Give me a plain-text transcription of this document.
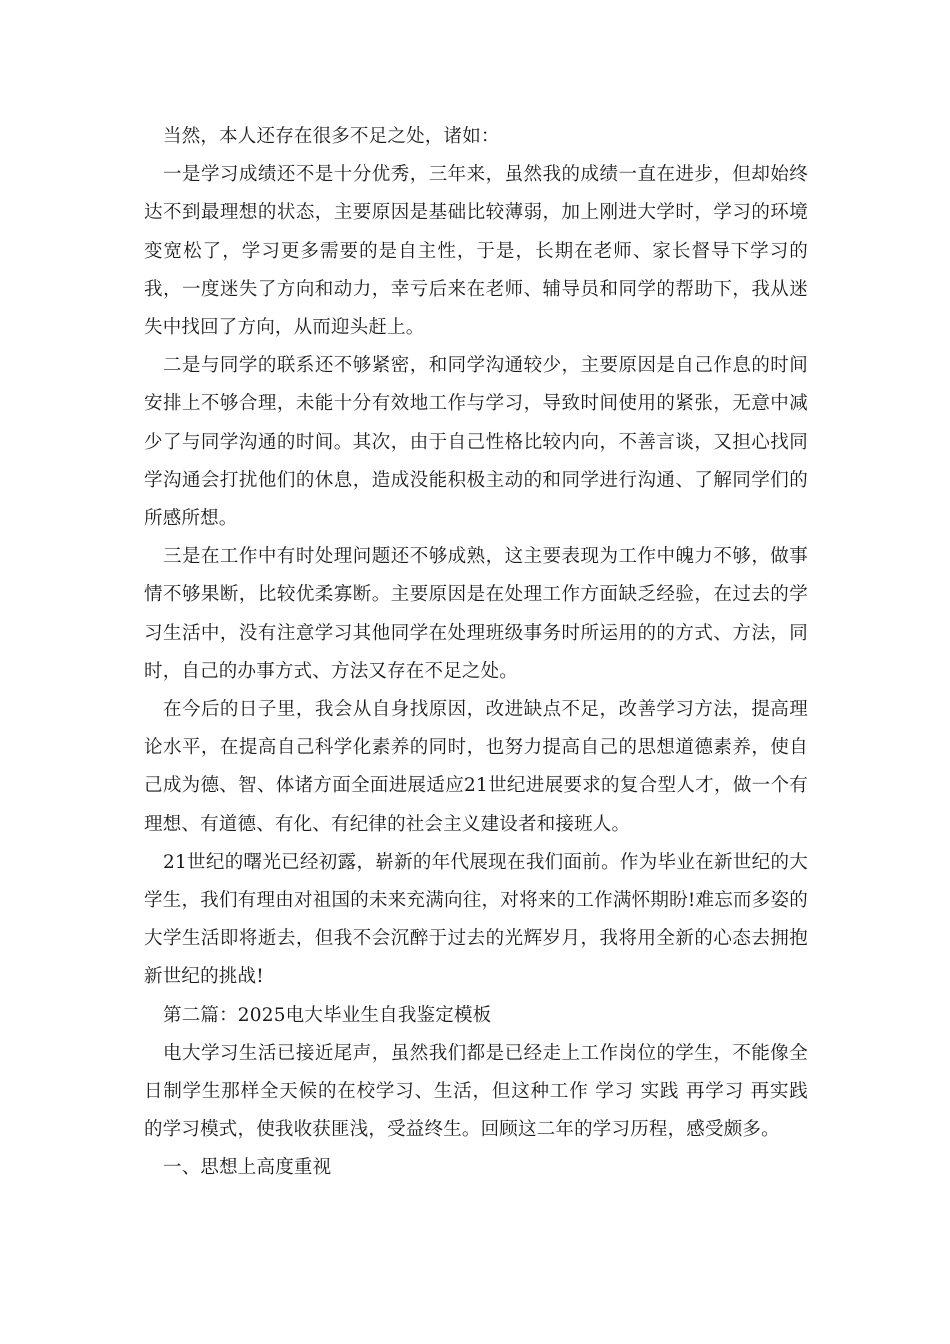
当然，本人还存在很多不足之处，诸如：

一是学习成绩还不是十分优秀，三年来，虽然我的成绩一直在进步，但却始终达不到最理想的状态，主要原因是基础比较薄弱，加上刚进大学时，学习的环境变宽松了，学习更多需要的是自主性，于是，长期在老师、家长督导下学习的我，一度迷失了方向和动力，幸亏后来在老师、辅导员和同学的帮助下，我从迷失中找回了方向，从而迎头赶上。

二是与同学的联系还不够紧密，和同学沟通较少，主要原因是自己作息的时间安排上不够合理，未能十分有效地工作与学习，导致时间使用的紧张，无意中减少了与同学沟通的时间。其次，由于自己性格比较内向，不善言谈，又担心找同学沟通会打扰他们的休息，造成没能积极主动的和同学进行沟通、了解同学们的所感所想。

三是在工作中有时处理问题还不够成熟，这主要表现为工作中魄力不够，做事情不够果断，比较优柔寡断。主要原因是在处理工作方面缺乏经验，在过去的学习生活中，没有注意学习其他同学在处理班级事务时所运用的的方式、方法，同时，自己的办事方式、方法又存在不足之处。

在今后的日子里，我会从自身找原因，改进缺点不足，改善学习方法，提高理论水平，在提高自己科学化素养的同时，也努力提高自己的思想道德素养，使自己成为德、智、体诸方面全面进展适应21世纪进展要求的复合型人才，做一个有理想、有道德、有化、有纪律的社会主义建设者和接班人。

21世纪的曙光已经初露，崭新的年代展现在我们面前。作为毕业在新世纪的大学生，我们有理由对祖国的未来充满向往，对将来的工作满怀期盼!难忘而多姿的大学生活即将逝去，但我不会沉醉于过去的光辉岁月，我将用全新的心态去拥抱新世纪的挑战!

第二篇：2025电大毕业生自我鉴定模板

电大学习生活已接近尾声，虽然我们都是已经走上工作岗位的学生，不能像全日制学生那样全天候的在校学习、生活，但这种工作 学习 实践 再学习 再实践 的学习模式，使我收获匪浅，受益终生。回顾这二年的学习历程，感受颇多。

一、思想上高度重视
